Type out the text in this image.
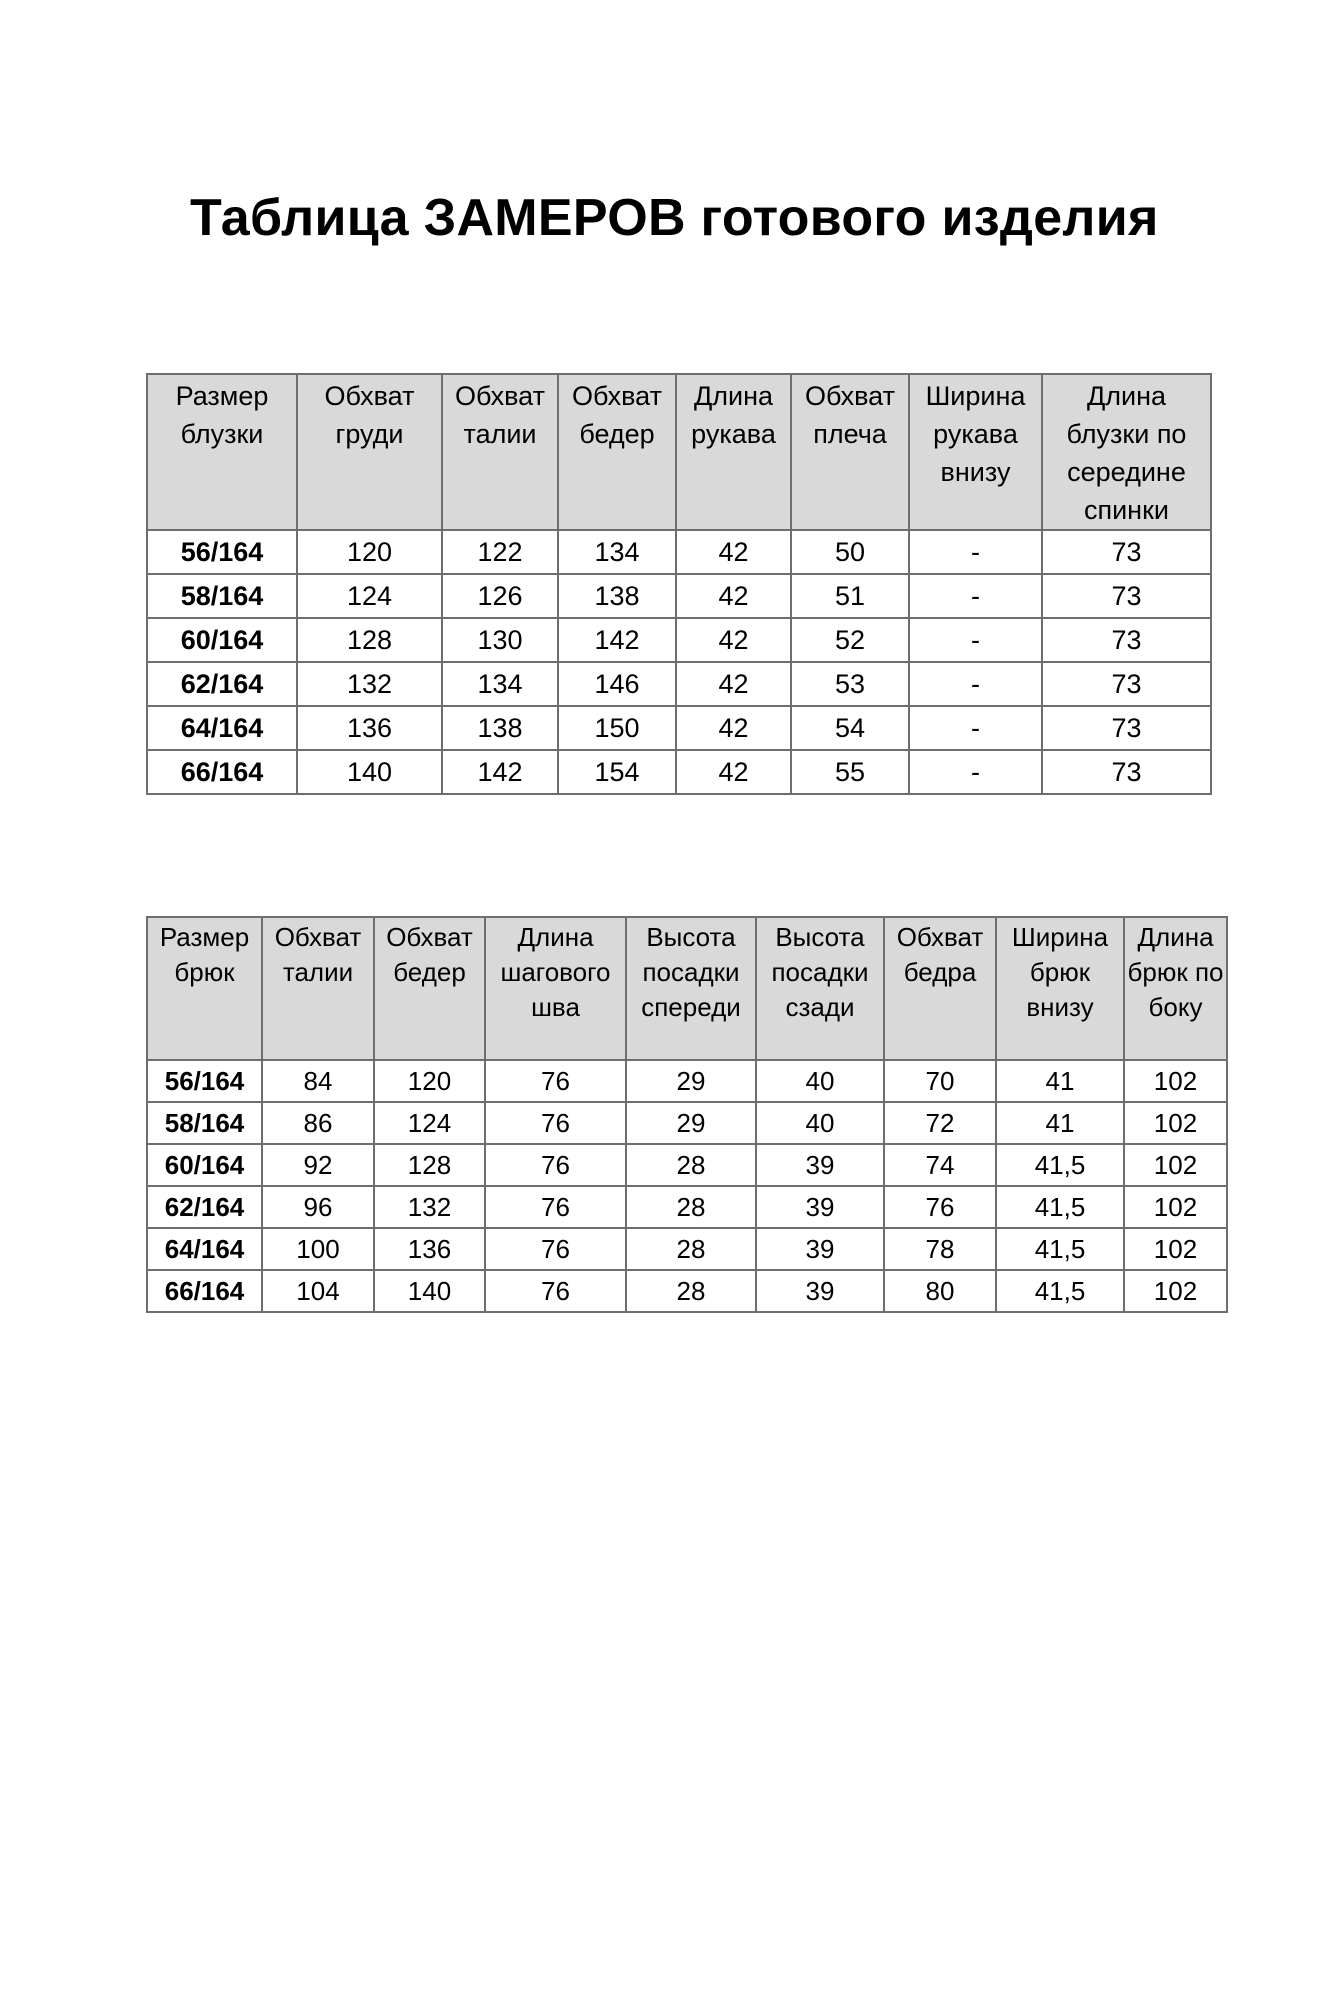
Таблица ЗАМЕРОВ готового изделия
Размер блузки	Обхват груди	Обхват талии	Обхват бедер	Длина рукава	Обхват плеча	Ширина рукава внизу	Длина блузки по середине спинки
56/164	120	122	134	42	50	-	73
58/164	124	126	138	42	51	-	73
60/164	128	130	142	42	52	-	73
62/164	132	134	146	42	53	-	73
64/164	136	138	150	42	54	-	73
66/164	140	142	154	42	55	-	73
Размер брюк	Обхват талии	Обхват бедер	Длина шагового шва	Высота посадки спереди	Высота посадки сзади	Обхват бедра	Ширина брюк внизу	Длина брюк по боку
56/164	84	120	76	29	40	70	41	102
58/164	86	124	76	29	40	72	41	102
60/164	92	128	76	28	39	74	41,5	102
62/164	96	132	76	28	39	76	41,5	102
64/164	100	136	76	28	39	78	41,5	102
66/164	104	140	76	28	39	80	41,5	102
